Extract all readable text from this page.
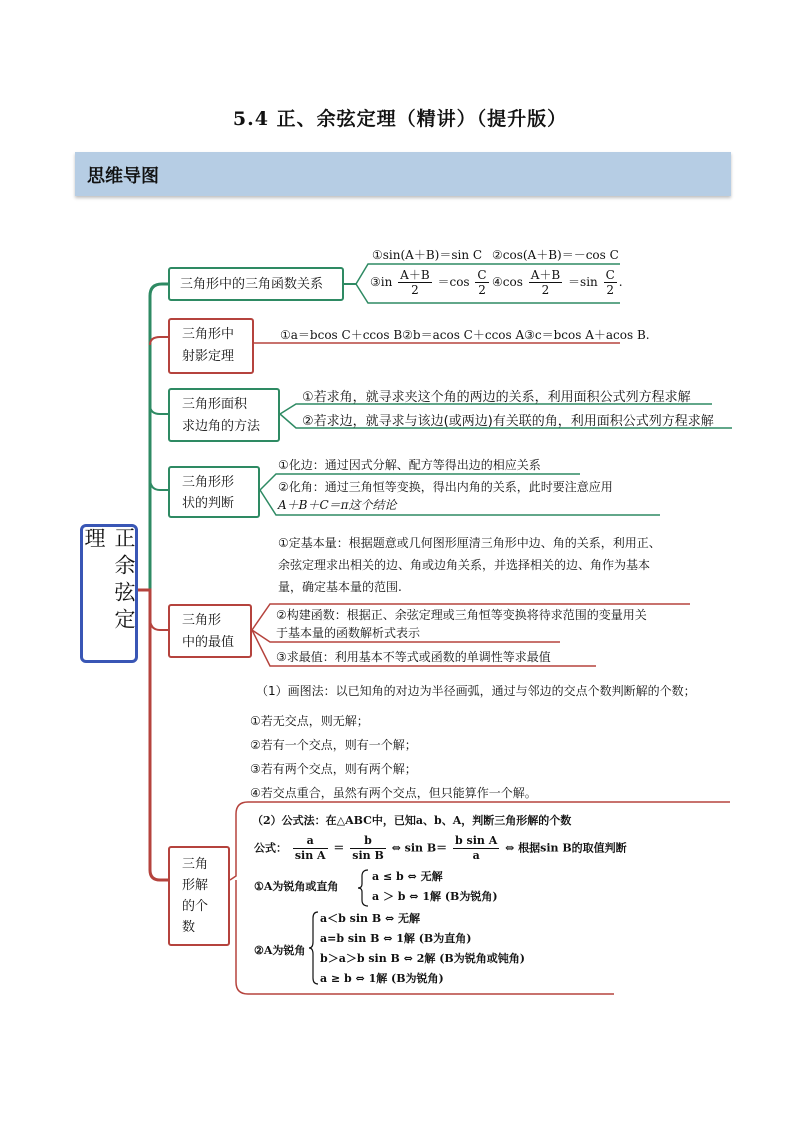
5.4 正、余弦定理（精讲）（提升版）
思维导图
正余弦定理
三角形中的三角函数关系
①sin(A＋B)＝sin C ②cos(A＋B)＝－cos C
③in $\frac{A+B}{2} =\cos \frac{C}{2}$ ④cos $\frac{A+B}{2} =\sin \frac{C}{2}$ .
三角形中
射影定理
①a＝bcos C＋ccos B②b＝acos C＋ccos A③c＝bcos A＋acos B.
三角形面积
求边角的方法
①若求角，就寻求夹这个角的两边的关系，利用面积公式列方程求解
②若求边，就寻求与该边(或两边)有关联的角，利用面积公式列方程求解
三角形形
状的判断
①化边：通过因式分解、配方等得出边的相应关系
②化角：通过三角恒等变换，得出内角的关系，此时要注意应用
A＋B＋C＝π这个结论
①定基本量：根据题意或几何图形厘清三角形中边、角的关系，利用正、
余弦定理求出相关的边、角或边角关系，并选择相关的边、角作为基本
量，确定基本量的范围.
三角形
中的最值
②构建函数：根据正、余弦定理或三角恒等变换将待求范围的变量用关
于基本量的函数解析式表示
③求最值：利用基本不等式或函数的单调性等求最值
（1）画图法：以已知角的对边为半径画弧，通过与邻边的交点个数判断解的个数；
①若无交点，则无解；
②若有一个交点，则有一个解；
③若有两个交点，则有两个解；
④若交点重合，虽然有两个交点，但只能算作一个解。
三角
形解
的个
数
（2）公式法：在△ABC中，已知a、b、A，判断三角形解的个数
公式： $\frac{a}{\text{sin A}} = \frac{b}{\text{sin B}}$ ⇔ $\sin B= \frac{\text{b sin A}}{a}$ ⇔ 根据sin B的取值判断
①A为锐角或直角
a ≤ b ⇔ 无解
a ＞ b ⇔ 1解 (B为锐角)
②A为锐角
a＜b sin B ⇔ 无解
a=b sin B ⇔ 1解 (B为直角)
b＞a＞b sin B ⇔ 2解 (B为锐角或钝角)
a ≥ b ⇔ 1解 (B为锐角)
